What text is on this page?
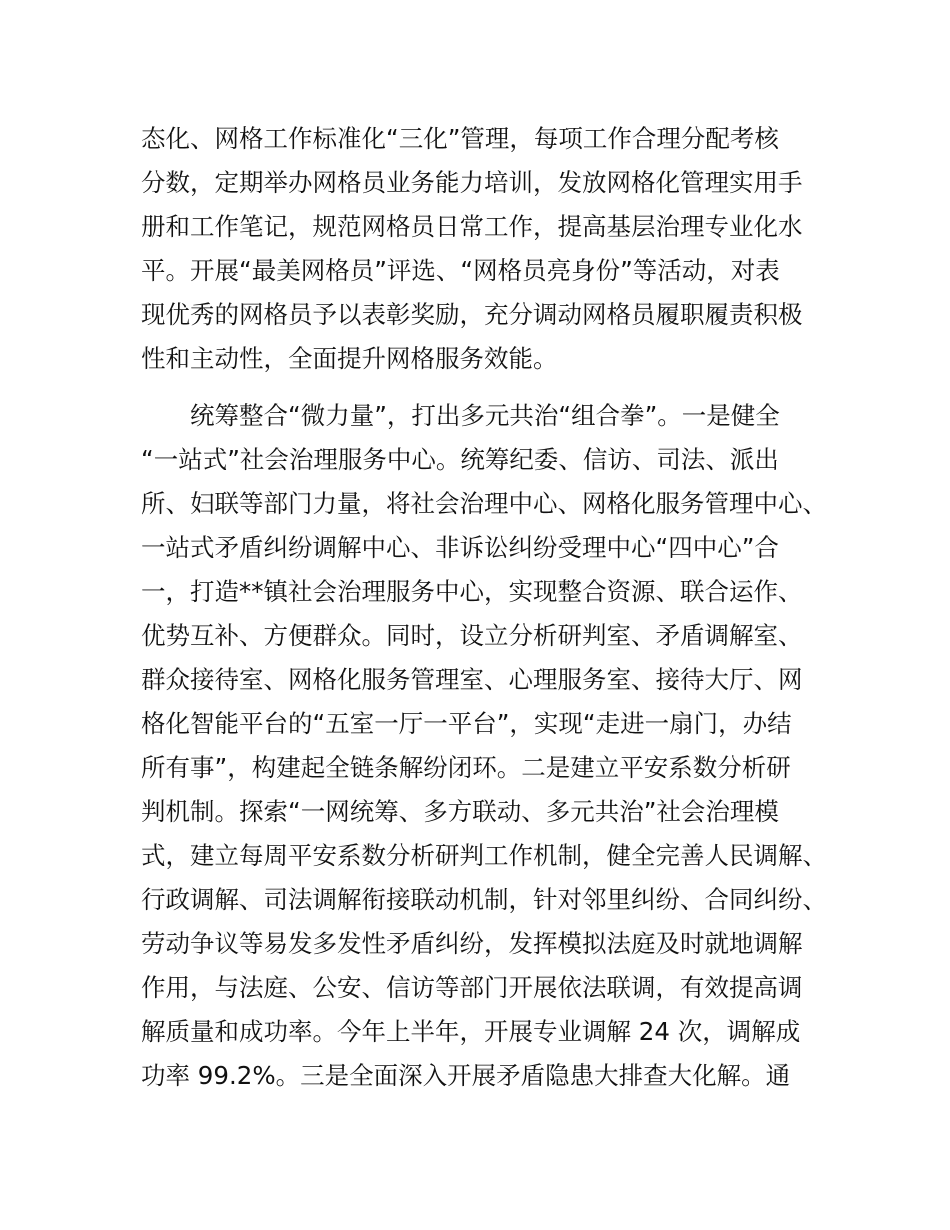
态化、网格工作标准化“三化”管理，每项工作合理分配考核
分数，定期举办网格员业务能力培训，发放网格化管理实用手
册和工作笔记，规范网格员日常工作，提高基层治理专业化水
平。开展“最美网格员”评选、“网格员亮身份”等活动，对表
现优秀的网格员予以表彰奖励，充分调动网格员履职履责积极
性和主动性，全面提升网格服务效能。
统筹整合“微力量”，打出多元共治“组合拳”。一是健全
“一站式”社会治理服务中心。统筹纪委、信访、司法、派出
所、妇联等部门力量，将社会治理中心、网格化服务管理中心、
一站式矛盾纠纷调解中心、非诉讼纠纷受理中心“四中心”合
一，打造**镇社会治理服务中心，实现整合资源、联合运作、
优势互补、方便群众。同时，设立分析研判室、矛盾调解室、
群众接待室、网格化服务管理室、心理服务室、接待大厅、网
格化智能平台的“五室一厅一平台”，实现“走进一扇门，办结
所有事”，构建起全链条解纷闭环。二是建立平安系数分析研
判机制。探索“一网统筹、多方联动、多元共治”社会治理模
式，建立每周平安系数分析研判工作机制，健全完善人民调解、
行政调解、司法调解衔接联动机制，针对邻里纠纷、合同纠纷、
劳动争议等易发多发性矛盾纠纷，发挥模拟法庭及时就地调解
作用，与法庭、公安、信访等部门开展依法联调，有效提高调
解质量和成功率。今年上半年，开展专业调解 24 次，调解成
功率 99.2%。三是全面深入开展矛盾隐患大排查大化解。通
